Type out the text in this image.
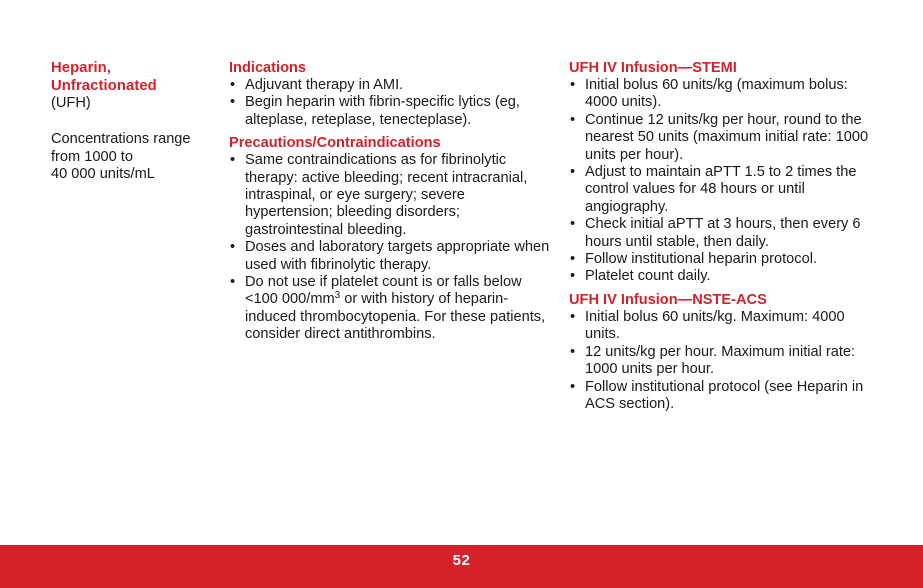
Heparin,
Unfractionated
(UFH)
Concentrations range
from 1000 to
40 000 units/mL
Indications
• Adjuvant therapy in AMI.
• Begin heparin with fibrin-specific lytics (eg, alteplase, reteplase, tenecteplase).
Precautions/Contraindications
• Same contraindications as for fibrinolytic therapy: active bleeding; recent intracranial, intraspinal, or eye surgery; severe hypertension; bleeding disorders; gastrointestinal bleeding.
• Doses and laboratory targets appropriate when used with fibrinolytic therapy.
• Do not use if platelet count is or falls below <100 $000/mm^3$ or with history of heparin-induced thrombocytopenia. For these patients, consider direct antithrombins.
UFH IV Infusion—STEMI
• Initial bolus 60 units/kg (maximum bolus: 4000 units).
• Continue 12 units/kg per hour, round to the nearest 50 units (maximum initial rate: 1000 units per hour).
• Adjust to maintain aPTT 1.5 to 2 times the control values for 48 hours or until angiography.
• Check initial aPTT at 3 hours, then every 6 hours until stable, then daily.
• Follow institutional heparin protocol.
• Platelet count daily.
UFH IV Infusion—NSTE-ACS
• Initial bolus 60 units/kg. Maximum: 4000 units.
• 12 units/kg per hour. Maximum initial rate: 1000 units per hour.
• Follow institutional protocol (see Heparin in ACS section).
52
